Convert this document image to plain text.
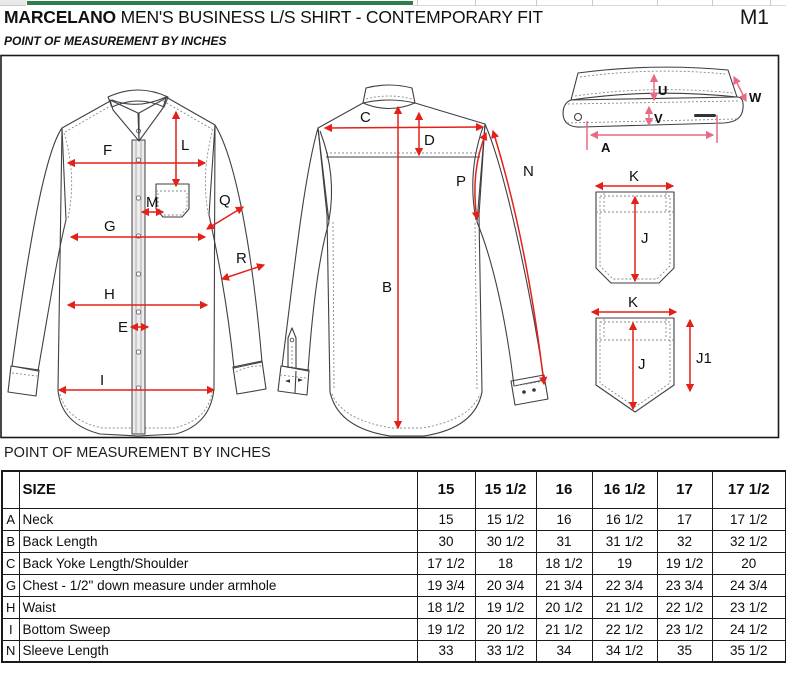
MARCELANO MEN'S BUSINESS L/S SHIRT - CONTEMPORARY FIT	M1
POINT OF MEASUREMENT BY INCHES
F	L
M
G
Q
R
H
E
I
C
D
B
P
N
U
V
W
A
K
J
K
J	J1
POINT OF MEASUREMENT BY INCHES
	SIZE	15	15 1/2	16	16 1/2	17	17 1/2
A	Neck	15	15 1/2	16	16 1/2	17	17 1/2
B	Back Length	30	30 1/2	31	31 1/2	32	32 1/2
C	Back Yoke Length/Shoulder	17 1/2	18	18 1/2	19	19 1/2	20
G	Chest - 1/2" down measure under armhole	19 3/4	20 3/4	21 3/4	22 3/4	23 3/4	24 3/4
H	Waist	18 1/2	19 1/2	20 1/2	21 1/2	22 1/2	23 1/2
I	Bottom Sweep	19 1/2	20 1/2	21 1/2	22 1/2	23 1/2	24 1/2
N	Sleeve Length	33	33 1/2	34	34 1/2	35	35 1/2
